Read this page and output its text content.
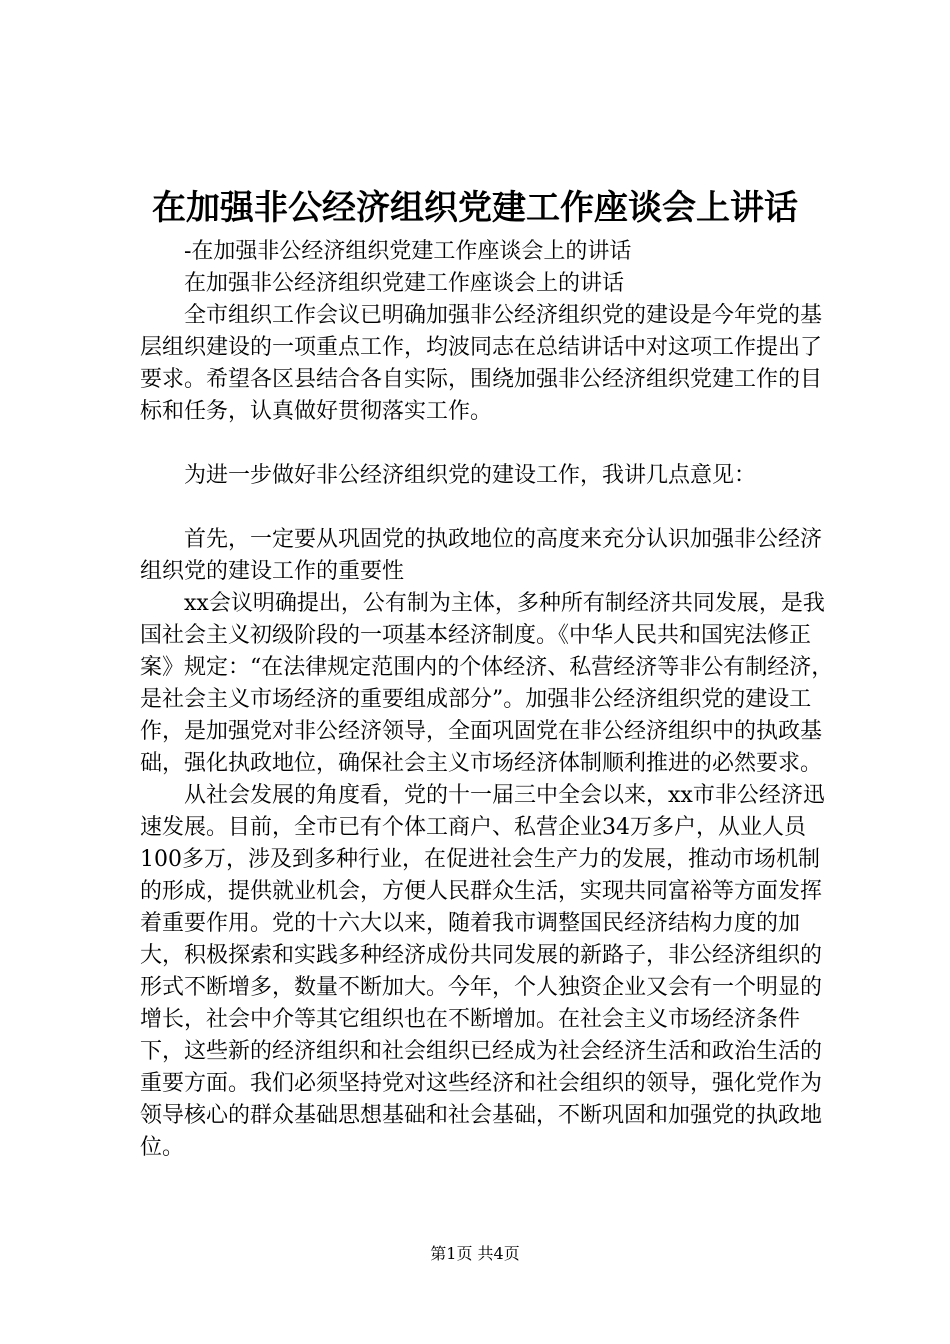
在加强非公经济组织党建工作座谈会上讲话
-在加强非公经济组织党建工作座谈会上的讲话
在加强非公经济组织党建工作座谈会上的讲话

全市组织工作会议已明确加强非公经济组织党的建设是今年党的基层组织建设的一项重点工作，均波同志在总结讲话中对这项工作提出了要求。希望各区县结合各自实际，围绕加强非公经济组织党建工作的目标和任务，认真做好贯彻落实工作。

为进一步做好非公经济组织党的建设工作，我讲几点意见：

首先，一定要从巩固党的执政地位的高度来充分认识加强非公经济组织党的建设工作的重要性

xx会议明确提出，公有制为主体，多种所有制经济共同发展，是我国社会主义初级阶段的一项基本经济制度。《中华人民共和国宪法修正案》规定：“在法律规定范围内的个体经济、私营经济等非公有制经济，是社会主义市场经济的重要组成部分”。加强非公经济组织党的建设工作，是加强党对非公经济领导，全面巩固党在非公经济组织中的执政基础，强化执政地位，确保社会主义市场经济体制顺利推进的必然要求。

从社会发展的角度看，党的十一届三中全会以来，xx市非公经济迅速发展。目前，全市已有个体工商户、私营企业34万多户，从业人员100多万，涉及到多种行业，在促进社会生产力的发展，推动市场机制的形成，提供就业机会，方便人民群众生活，实现共同富裕等方面发挥着重要作用。党的十六大以来，随着我市调整国民经济结构力度的加大，积极探索和实践多种经济成份共同发展的新路子，非公经济组织的形式不断增多，数量不断加大。今年，个人独资企业又会有一个明显的增长，社会中介等其它组织也在不断增加。在社会主义市场经济条件下，这些新的经济组织和社会组织已经成为社会经济生活和政治生活的重要方面。我们必须坚持党对这些经济和社会组织的领导，强化党作为领导核心的群众基础思想基础和社会基础，不断巩固和加强党的执政地位。

第1页 共4页
